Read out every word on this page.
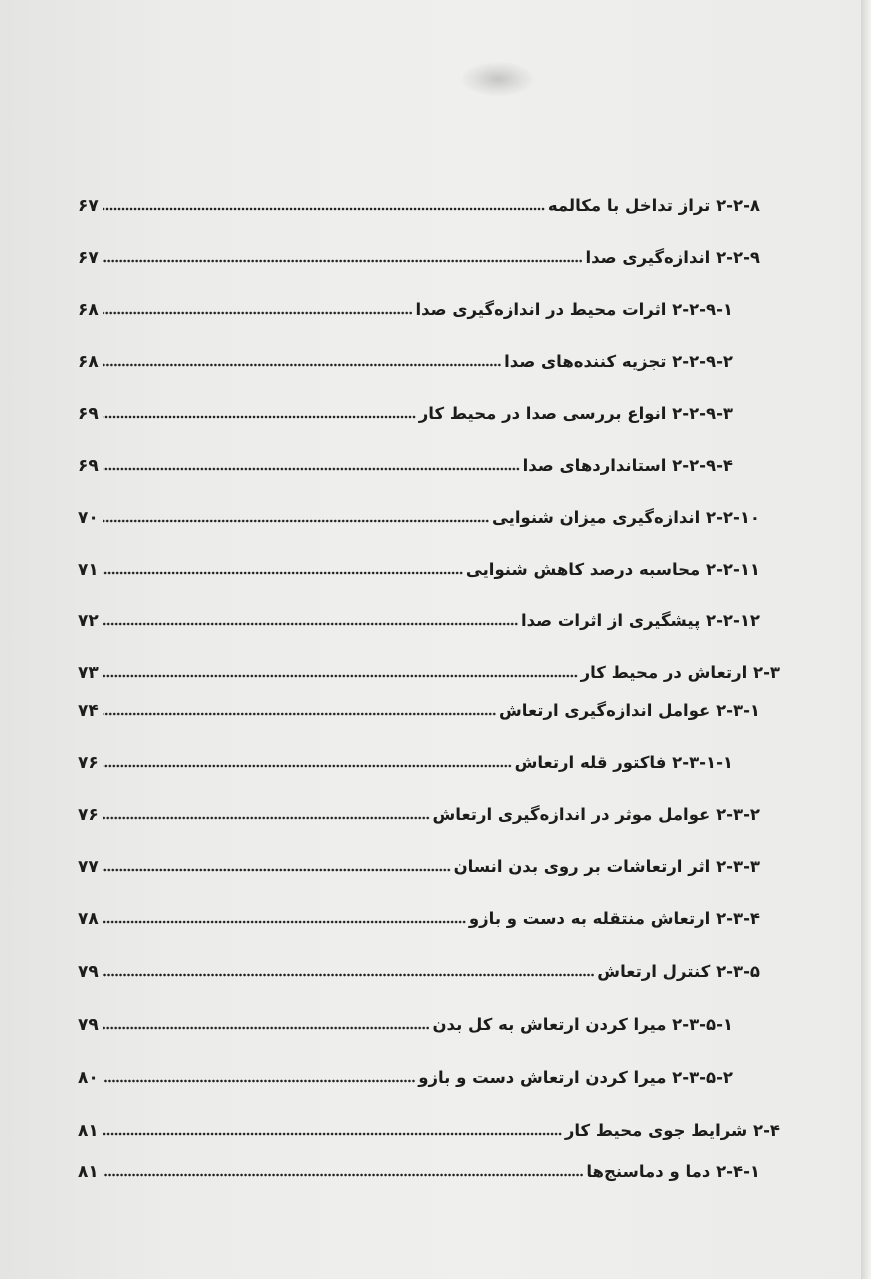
۶۷	۲-۲-۸ تراز تداخل با مکالمه
۶۷	۲-۲-۹ اندازه‌گیری صدا
۶۸	۲-۲-۹-۱ اثرات محیط در اندازه‌گیری صدا
۶۸	۲-۲-۹-۲ تجزیه کننده‌های صدا
۶۹	۲-۲-۹-۳ انواع بررسی صدا در محیط کار
۶۹	۲-۲-۹-۴ استانداردهای صدا
۷۰	۲-۲-۱۰ اندازه‌گیری میزان شنوایی
۷۱	۲-۲-۱۱ محاسبه درصد کاهش شنوایی
۷۲	۲-۲-۱۲ پیشگیری از اثرات صدا
۷۳	۲-۳ ارتعاش در محیط کار
۷۴	۲-۳-۱ عوامل اندازه‌گیری ارتعاش
۷۶	۲-۳-۱-۱ فاکتور قله ارتعاش
۷۶	۲-۳-۲ عوامل موثر در اندازه‌گیری ارتعاش
۷۷	۲-۳-۳ اثر ارتعاشات بر روی بدن انسان
۷۸	۲-۳-۴ ارتعاش منتقله به دست و بازو
۷۹	۲-۳-۵ کنترل ارتعاش
۷۹	۲-۳-۵-۱ میرا کردن ارتعاش به کل بدن
۸۰	۲-۳-۵-۲ میرا کردن ارتعاش دست و بازو
۸۱	۲-۴ شرایط جوی محیط کار
۸۱	۲-۴-۱ دما و دماسنج‌ها
